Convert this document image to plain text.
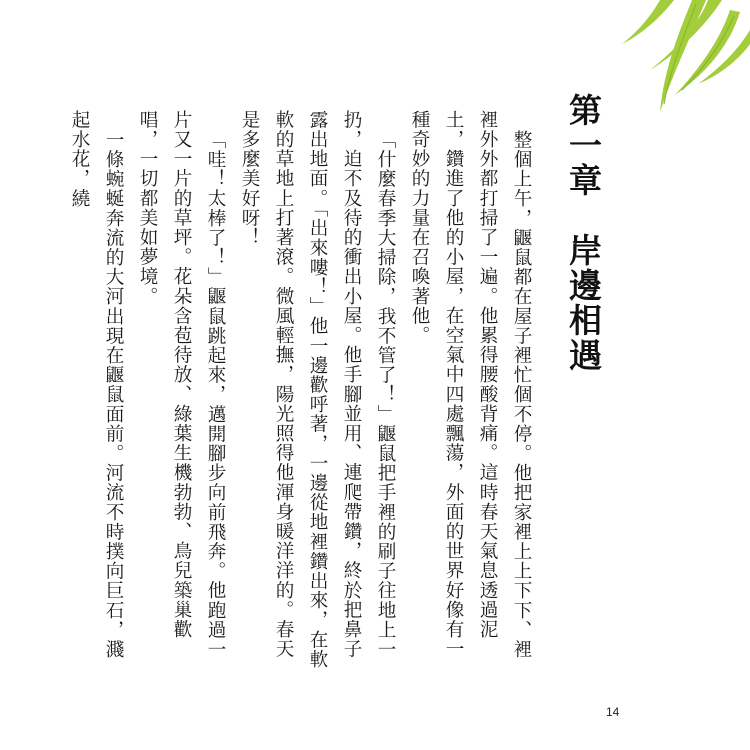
第一章　岸邊相遇

整個上午，鼴鼠都在屋子裡忙個不停。他把家裡上上下下、裡裡外外都打掃了一遍。他累得腰酸背痛。這時春天氣息透過泥土，鑽進了他的小屋，在空氣中四處飄蕩，外面的世界好像有一種奇妙的力量在召喚著他。

「什麼春季大掃除，我不管了！」鼴鼠把手裡的刷子往地上一扔，迫不及待的衝出小屋。他手腳並用、連爬帶鑽，終於把鼻子露出地面。「出來嘍！」他一邊歡呼著，一邊從地裡鑽出來，在軟軟的草地上打著滾。微風輕撫，陽光照得他渾身暖洋洋的。春天是多麼美好呀！

「哇！太棒了！」鼴鼠跳起來，邁開腳步向前飛奔。他跑過一片又一片的草坪。花朵含苞待放、綠葉生機勃勃、鳥兒築巢歡唱，一切都美如夢境。

一條蜿蜒奔流的大河出現在鼴鼠面前。河流不時撲向巨石，濺起水花，繞

14
